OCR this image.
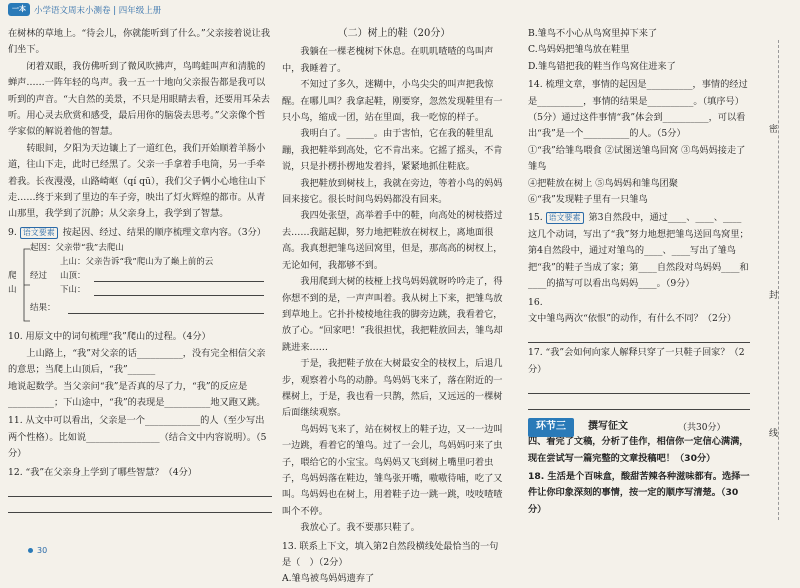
一本 小学语文周末小测卷 | 四年级上册

在树林的草地上。“待会儿，你就能听到了什么。”父亲接着说让我们坐下。

闭着双眼，我仿佛听到了微风吹拂声，鸟鸣蛙叫声和清脆的蝉声……一阵年轻的鸟声。我一五一十地向父亲报告都是我可以听到的声音。“大自然的美景，不只是用眼睛去看，还要用耳朵去听。用心灵去欣赏和感受，最后用你的脑袋去思考。”父亲像个哲学家似的解说着他的智慧。

转眼间，夕阳为天边镶上了一道红色，我们开始顺着羊肠小道，往山下走，此时已经黑了。父亲一手拿着手电筒，另一手牵着我。长夜漫漫，山路崎岖（qí qū），我们父子俩小心地往山下走……终于来到了里边的车子旁，映出了灯火辉煌的都市。从青山那里，我学到了沉静；从父亲身上，我学到了智慧。

9. 语文要素 按起因、经过、结果的顺序梳理文章内容。（3分）

爬山
起因：父亲带“我”去爬山
经过
上山：父亲告诉“我”爬山为了巅上前的云
山顶：
下山：
结果：

10. 用原文中的词句梳理“我”爬山的过程。（4分）

上山路上，“我”对父亲的话__________，没有完全相信父亲的意思；当爬上山顶后，“我”______

地说起数学。当父亲问“我”是否真的尽了力，“我”的反应是__________；下山途中，“我”的表现是__________地又跑又跳。

11. 从文中可以看出，父亲是一个____________的人（至少写出两个性格）。比如说________________（结合文中内容说明）。（5分）

12. “我”在父亲身上学到了哪些智慧？（4分）

（二）树上的鞋（20分）

我躺在一棵老槐树下休息。在叽叽喳喳的鸟叫声中，我睡着了。

不知过了多久，迷糊中，小鸟尖尖的叫声把我惊醒。在哪儿叫？我拿起鞋，刚要穿，忽然发现鞋里有一只小鸟，缩成一团，站在里面，我一吃惊的样子。

我明白了。______。由于害怕，它在我的鞋里乱蹦，我把鞋举到高处，它不肯出来。它摇了摇头，不肯说，只是扑楞扑楞地发着抖，紧紧地抓住鞋底。

我把鞋放到树枝上，我就在旁边，等着小鸟的妈妈回来接它。很长时间鸟妈妈都没有回来。

我四处张望，高举着手中的鞋，向高处的树枝搭过去……我踮起脚，努力地把鞋放在树杈上，离地面很高。我真想把雏鸟送回窝里，但是，那高高的树杈上，无论如何，我都够不到。

我用爬到大树的枝桠上找鸟妈妈就呀吟吟走了，得你想不到的是，一声声叫着。我从树上下来，把雏鸟放到草地上。它扑扑棱棱地往我的脚旁边跳，我看着它，放了心。“回家吧！”我很担忧，我把鞋放回去，雏鸟却跳进来……

于是，我把鞋子放在大树最安全的枝杈上，后退几步，观察着小鸟的动静。鸟妈妈飞来了，落在附近的一棵树上，于是，我也看一只鹊，然后，又远远的一棵树后面继续观察。

鸟妈妈飞来了，站在树杈上的鞋子边，又一一边叫一边跳，看着它的雏鸟。过了一会儿，鸟妈妈叼来了虫子，喂给它的小宝宝。鸟妈妈又飞到树上嘴里叼着虫子，鸟妈妈落在鞋边，雏鸟张开嘴，嗷嗷待哺，吃了又叫。鸟妈妈也在树上，用着鞋子边一跳一跳，吱吱喳喳叫个不停。

我放心了。我不要那只鞋了。

13. 联系上下文，填入第2自然段横线处最恰当的一句是（　）（2分）

A.雏鸟被鸟妈妈遗弃了

B.雏鸟不小心从鸟窝里掉下来了

C.鸟妈妈把雏鸟放在鞋里

D.雏鸟错把我的鞋当作鸟窝住进来了

14. 梳理文章，事情的起因是__________，事情的经过是__________，事情的结果是__________。（填序号）（5分）通过这件事情“我”体会到__________，可以看出“我”是一个__________的人。（5分）

①“我”给雏鸟喂食 ②试图送雏鸟回窝 ③鸟妈妈接走了雏鸟

④把鞋放在树上 ⑤鸟妈妈和雏鸟团聚

⑥“我”发现鞋子里有一只雏鸟

15. 语文要素 第3自然段中，通过____、____、____这几个动词，写出了“我”努力地想把雏鸟送回鸟窝里；第4自然段中，通过对雏鸟的____、____写出了雏鸟把“我”的鞋子当成了家；第____自然段对鸟妈妈____和____的描写可以看出鸟妈妈____。（9分）

16. 文中雏鸟两次“依恨”的动作，有什么不同？（2分）

17. “我”会如何向家人解释只穿了一只鞋子回家？（2分）

环节三	撰写征文	（共30分）

四、看完了文稿，分析了佳作，相信你一定信心满满，现在尝试写一篇完整的文章投稿吧！（30分）

18. 生活是个百味盒，酸甜苦辣各种滋味都有。选择一件让你印象深刻的事情，按一定的顺序写清楚。（30分）

密
封
线
30
